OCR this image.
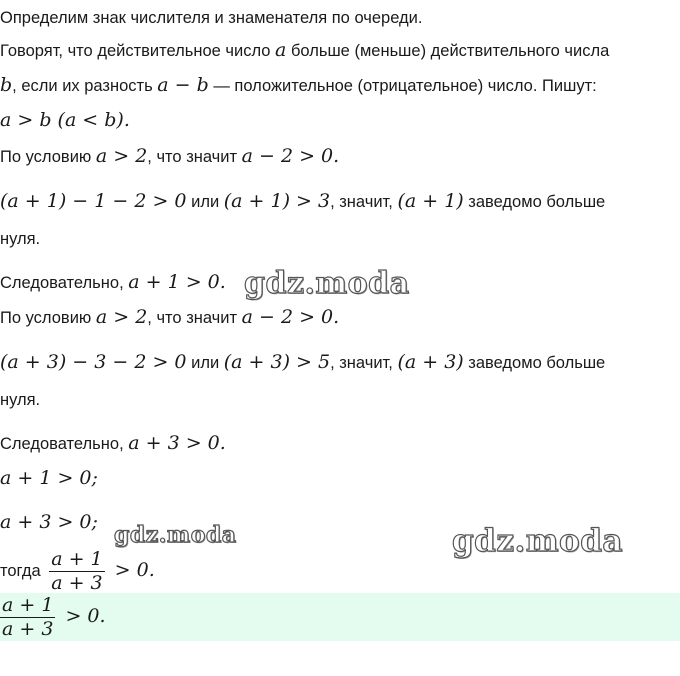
Определим знак числителя и знаменателя по очереди.
Говорят, что действительное число a больше (меньше) действительного числа
b, если их разность a − b — положительное (отрицательное) число. Пишут:
a > b (a < b).
По условию a > 2, что значит a − 2 > 0.
(a + 1) − 1 − 2 > 0 или (a + 1) > 3, значит, (a + 1) заведомо больше
нуля.
Следовательно, a + 1 > 0.
По условию a > 2, что значит a − 2 > 0.
(a + 3) − 3 − 2 > 0 или (a + 3) > 5, значит, (a + 3) заведомо больше
нуля.
Следовательно, a + 3 > 0.
a + 1 > 0;
a + 3 > 0;
тогда $\frac{a + 1}{a + 3} > 0$.
$\frac{a + 1}{a + 3} > 0$.
gdz.moda
gdz.moda	gdz.moda
